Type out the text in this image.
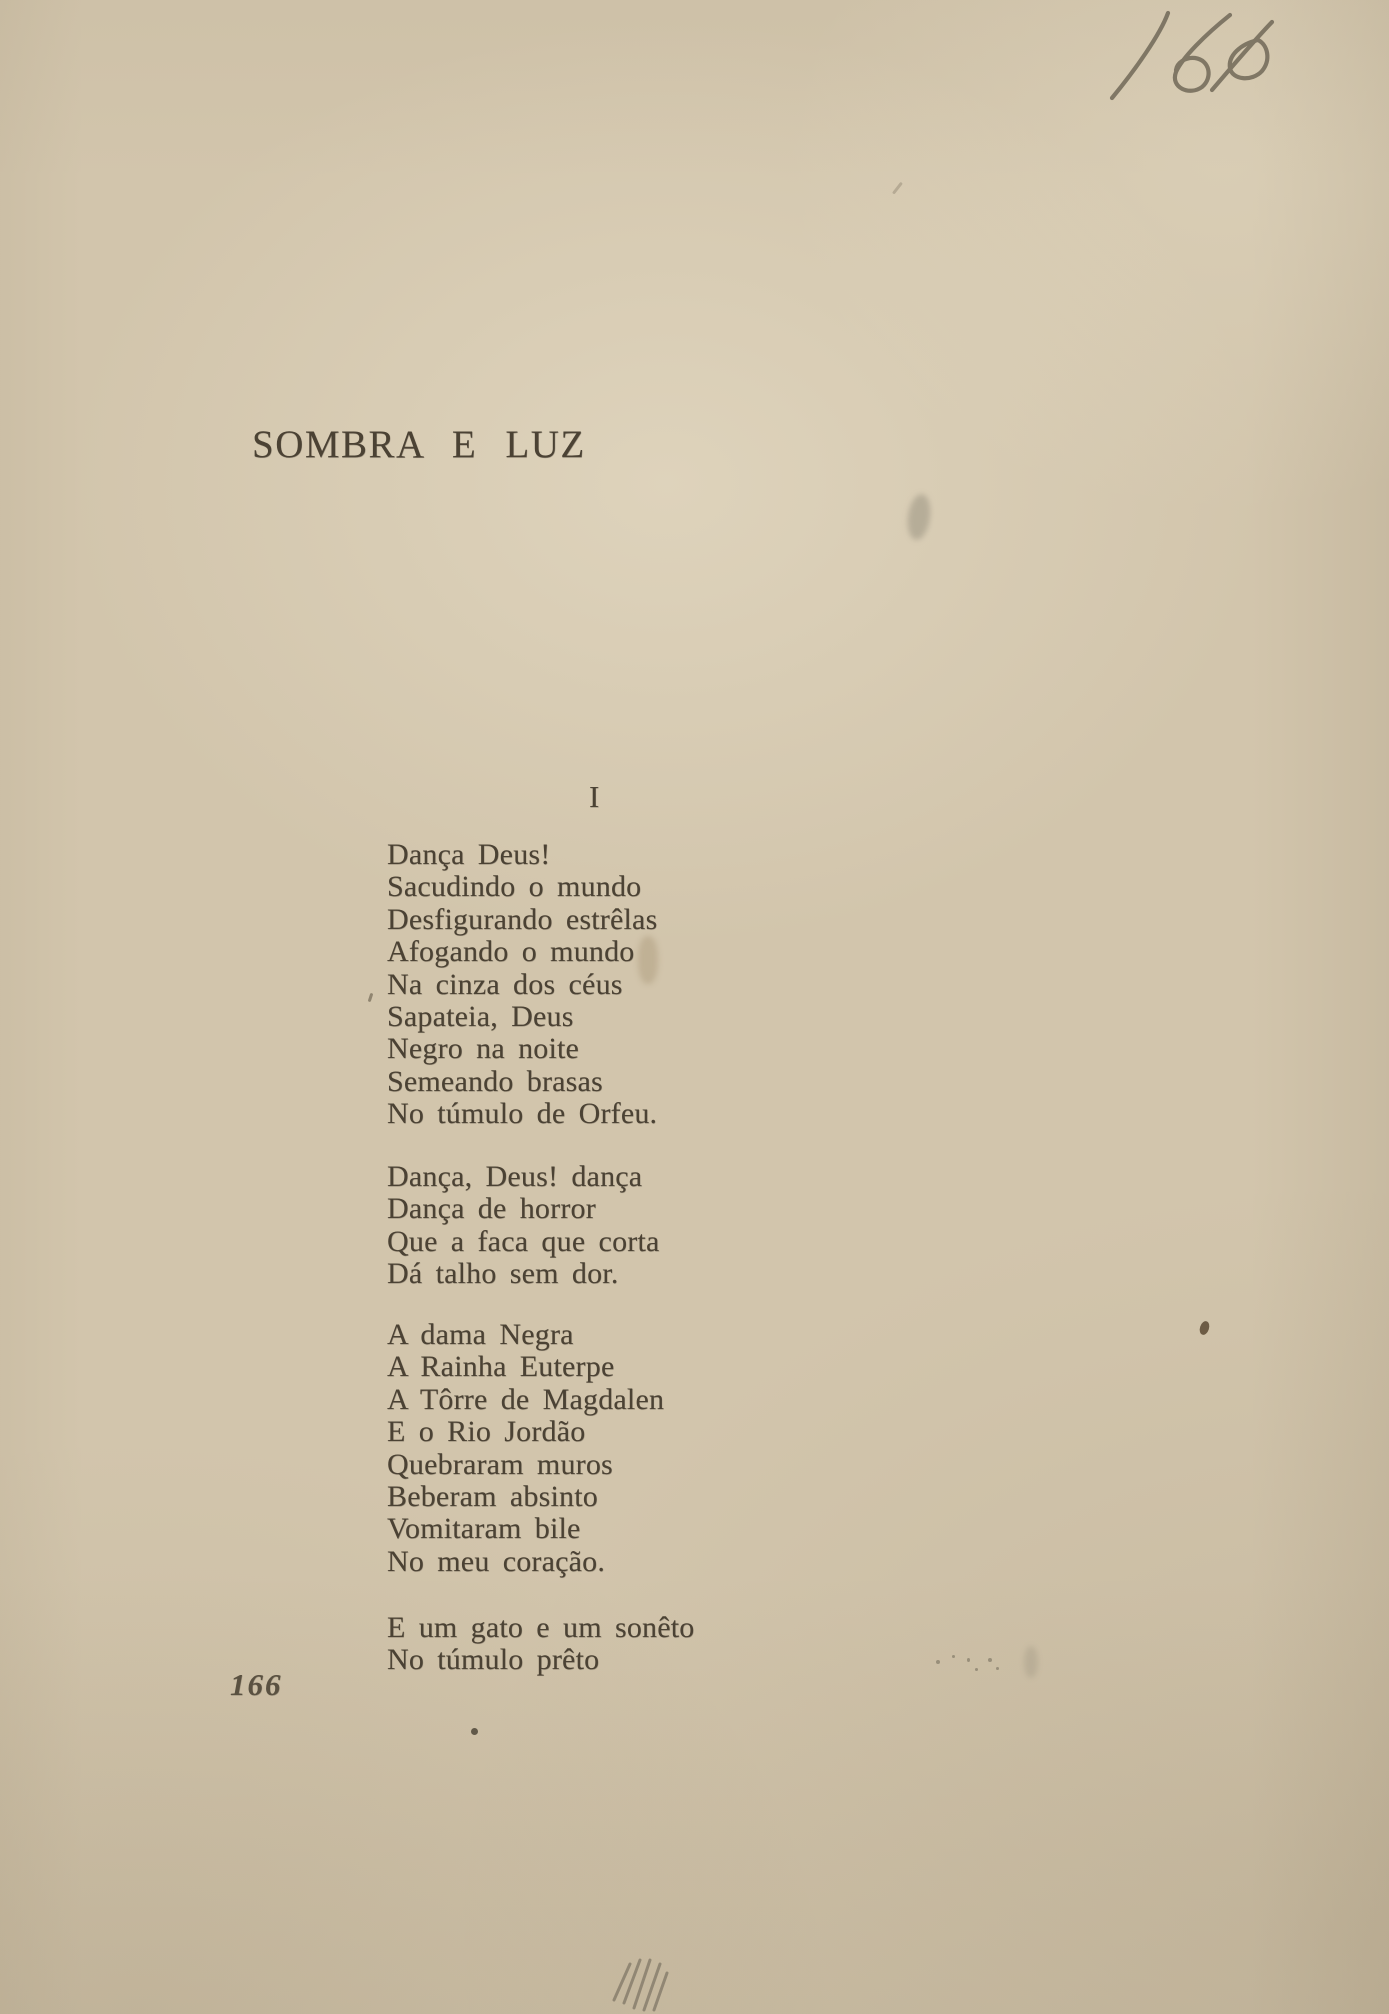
SOMBRA E LUZ
I
Dança Deus!
Sacudindo o mundo
Desfigurando estrêlas
Afogando o mundo
Na cinza dos céus
Sapateia, Deus
Negro na noite
Semeando brasas
No túmulo de Orfeu.
Dança, Deus! dança
Dança de horror
Que a faca que corta
Dá talho sem dor.
A dama Negra
A Rainha Euterpe
A Tôrre de Magdalen
E o Rio Jordão
Quebraram muros
Beberam absinto
Vomitaram bile
No meu coração.
E um gato e um sonêto
No túmulo prêto
166
